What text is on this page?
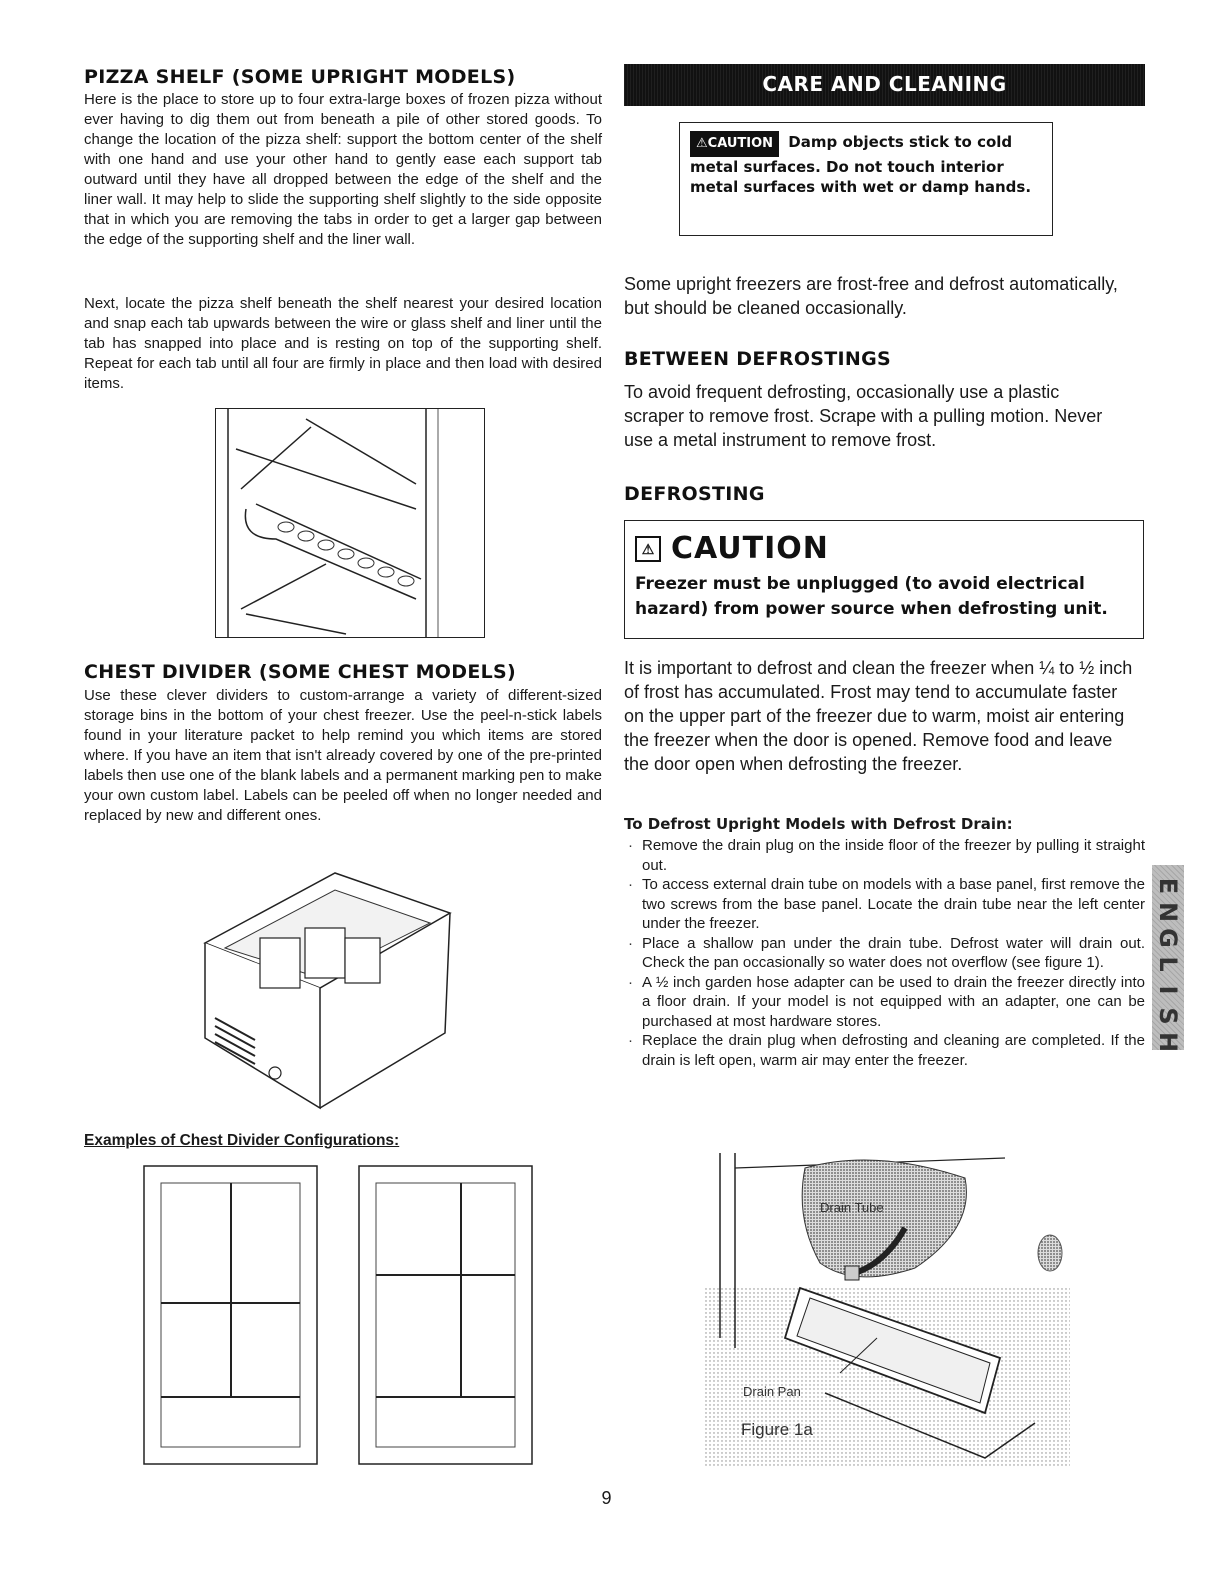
PIZZA SHELF (SOME UPRIGHT MODELS)

Here is the place to store up to four extra-large boxes of frozen pizza without ever having to dig them out from beneath a pile of other stored goods. To change the location of the pizza shelf: support the bottom center of the shelf with one hand and use your other hand to gently ease each support tab outward until they have all dropped between the edge of the shelf and the liner wall. It may help to slide the supporting shelf slightly to the side opposite that in which you are removing the tabs in order to get a larger gap between the edge of the supporting shelf and the liner wall.

Next, locate the pizza shelf beneath the shelf nearest your desired location and snap each tab upwards between the wire or glass shelf and liner until the tab has snapped into place and is resting on top of the supporting shelf. Repeat for each tab until all four are firmly in place and then load with desired items.

CHEST DIVIDER (SOME CHEST MODELS)

Use these clever dividers to custom-arrange a variety of different-sized storage bins in the bottom of your chest freezer. Use the peel-n-stick labels found in your literature packet to help remind you which items are stored where. If you have an item that isn't already covered by one of the pre-printed labels then use one of the blank labels and a permanent marking pen to make your own custom label. Labels can be peeled off when no longer needed and replaced by new and different ones.

Examples of Chest Divider Configurations:
CARE AND CLEANING
⚠CAUTION Damp objects stick to cold metal surfaces. Do not touch interior metal surfaces with wet or damp hands.

Some upright freezers are frost-free and defrost automatically, but should be cleaned occasionally.

BETWEEN DEFROSTINGS

To avoid frequent defrosting, occasionally use a plastic scraper to remove frost. Scrape with a pulling motion. Never use a metal instrument to remove frost.

DEFROSTING
⚠ CAUTION
Freezer must be unplugged (to avoid electrical hazard) from power source when defrosting unit.

It is important to defrost and clean the freezer when ¼ to ½ inch of frost has accumulated. Frost may tend to accumulate faster on the upper part of the freezer due to warm, moist air entering the freezer when the door is opened. Remove food and leave the door open when defrosting the freezer.

To Defrost Upright Models with Defrost Drain:
· Remove the drain plug on the inside floor of the freezer by pulling it straight out.
· To access external drain tube on models with a base panel, first remove the two screws from the base panel. Locate the drain tube near the left center under the freezer.
· Place a shallow pan under the drain tube. Defrost water will drain out. Check the pan occasionally so water does not overflow (see figure 1).
· A ½ inch garden hose adapter can be used to drain the freezer directly into a floor drain. If your model is not equipped with an adapter, one can be purchased at most hardware stores.
· Replace the drain plug when defrosting and cleaning are completed. If the drain is left open, warm air may enter the freezer.
Drain Tube
Drain Pan
Figure 1a
E
N
G
L
I
S
H
9
